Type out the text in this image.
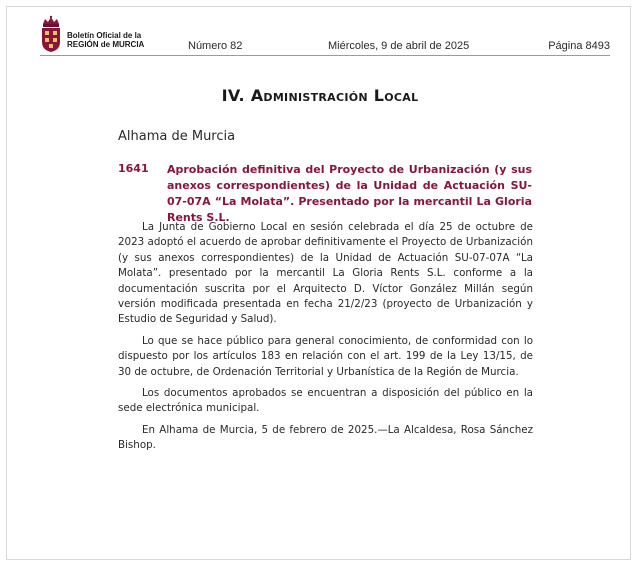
Boletín Oficial de la
REGIÓN de MURCIA	Número 82	Miércoles, 9 de abril de 2025	Página 8493
IV. Administración Local
Alhama de Murcia
1641 Aprobación definitiva del Proyecto de Urbanización (y sus anexos correspondientes) de la Unidad de Actuación SU-07-07A “La Molata”. Presentado por la mercantil La Gloria Rents S.L.

La Junta de Gobierno Local en sesión celebrada el día 25 de octubre de 2023 adoptó el acuerdo de aprobar definitivamente el Proyecto de Urbanización (y sus anexos correspondientes) de la Unidad de Actuación SU-07-07A “La Molata”. presentado por la mercantil La Gloria Rents S.L. conforme a la documentación suscrita por el Arquitecto D. Víctor González Millán según versión modificada presentada en fecha 21/2/23 (proyecto de Urbanización y Estudio de Seguridad y Salud).

Lo que se hace público para general conocimiento, de conformidad con lo dispuesto por los artículos 183 en relación con el art. 199 de la Ley 13/15, de 30 de octubre, de Ordenación Territorial y Urbanística de la Región de Murcia.

Los documentos aprobados se encuentran a disposición del público en la sede electrónica municipal.

En Alhama de Murcia, 5 de febrero de 2025.—La Alcaldesa, Rosa Sánchez Bishop.
